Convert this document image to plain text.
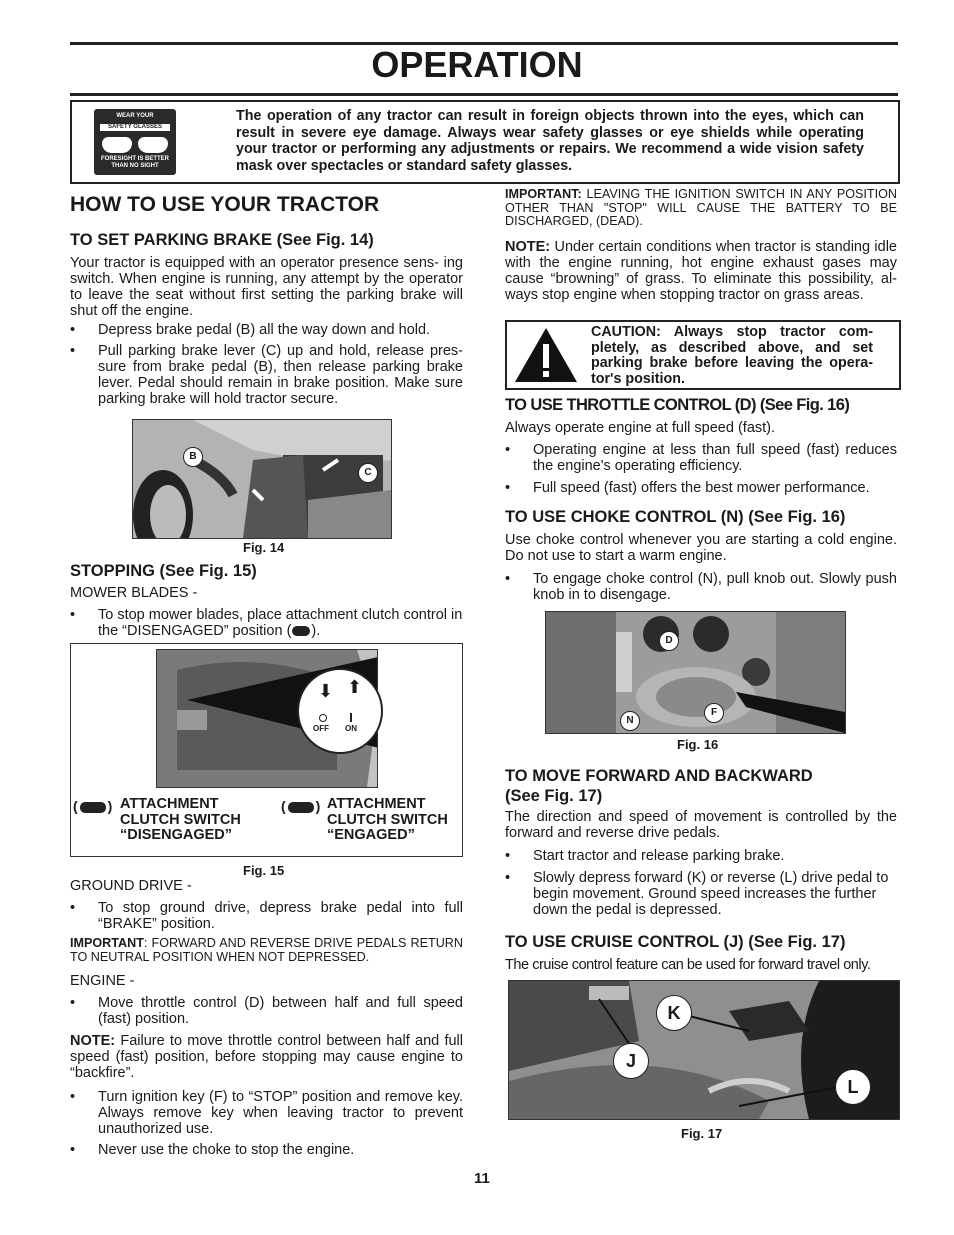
OPERATION
WEAR YOUR
SAFETY GLASSES
FORESIGHT IS BETTER
THAN NO SIGHT
The operation of any tractor can result in foreign objects thrown into the eyes, which can result in severe eye damage. Always wear safety glasses or eye shields while operating your tractor or performing any adjustments or repairs. We recommend a wide vision safety mask over spectacles or standard safety glasses.
HOW TO USE YOUR TRACTOR
TO SET PARKING BRAKE (See Fig. 14)
Your tractor is equipped with an operator presence sens- ing switch. When engine is running, any attempt by the operator to leave the seat without first setting the parking brake will shut off the engine.
• Depress brake pedal (B) all the way down and hold.
• Pull parking brake lever (C) up and hold, release pres- sure from brake pedal (B), then release parking brake lever. Pedal should remain in brake position. Make sure parking brake will hold tractor secure.
B
C
Fig. 14
STOPPING (See Fig. 15)
MOWER BLADES -
• To stop mower blades, place attachment clutch control in the “DISENGAGED” position ( ).
⬇ ⬆
OFF ON
( ) ATTACHMENT CLUTCH SWITCH “DISENGAGED”
( ) ATTACHMENT CLUTCH SWITCH “ENGAGED”
Fig. 15
GROUND DRIVE -
• To stop ground drive, depress brake pedal into full “BRAKE” position.
IMPORTANT: FORWARD AND REVERSE DRIVE PEDALS RETURN TO NEUTRAL POSITION WHEN NOT DEPRESSED.
ENGINE -
• Move throttle control (D) between half and full speed (fast) position.
NOTE: Failure to move throttle control between half and full speed (fast) position, before stopping may cause engine to “backfire”.
• Turn ignition key (F) to “STOP” position and remove key. Always remove key when leaving tractor to prevent unauthorized use.
• Never use the choke to stop the engine.
IMPORTANT: LEAVING THE IGNITION SWITCH IN ANY POSITION OTHER THAN "STOP" WILL CAUSE THE BATTERY TO BE DISCHARGED, (DEAD).
NOTE: Under certain conditions when tractor is standing idle with the engine running, hot engine exhaust gases may cause “browning” of grass. To eliminate this possibility, al- ways stop engine when stopping tractor on grass areas.
CAUTION: Always stop tractor com- pletely, as described above, and set parking brake before leaving the opera- tor's position.
TO USE THROTTLE CONTROL (D) (See Fig. 16)
Always operate engine at full speed (fast).
• Operating engine at less than full speed (fast) reduces the engine's operating efficiency.
• Full speed (fast) offers the best mower performance.
TO USE CHOKE CONTROL (N) (See Fig. 16)
Use choke control whenever you are starting a cold engine. Do not use to start a warm engine.
• To engage choke control (N), pull knob out. Slowly push knob in to disengage.
D
N
F
Fig. 16
TO MOVE FORWARD AND BACKWARD
(See Fig. 17)
The direction and speed of movement is controlled by the forward and reverse drive pedals.
• Start tractor and release parking brake.
• Slowly depress forward (K) or reverse (L) drive pedal to begin movement. Ground speed increases the further down the pedal is depressed.
TO USE CRUISE CONTROL (J) (See Fig. 17)
The cruise control feature can be used for forward travel only.
K
J
L
Fig. 17
11
